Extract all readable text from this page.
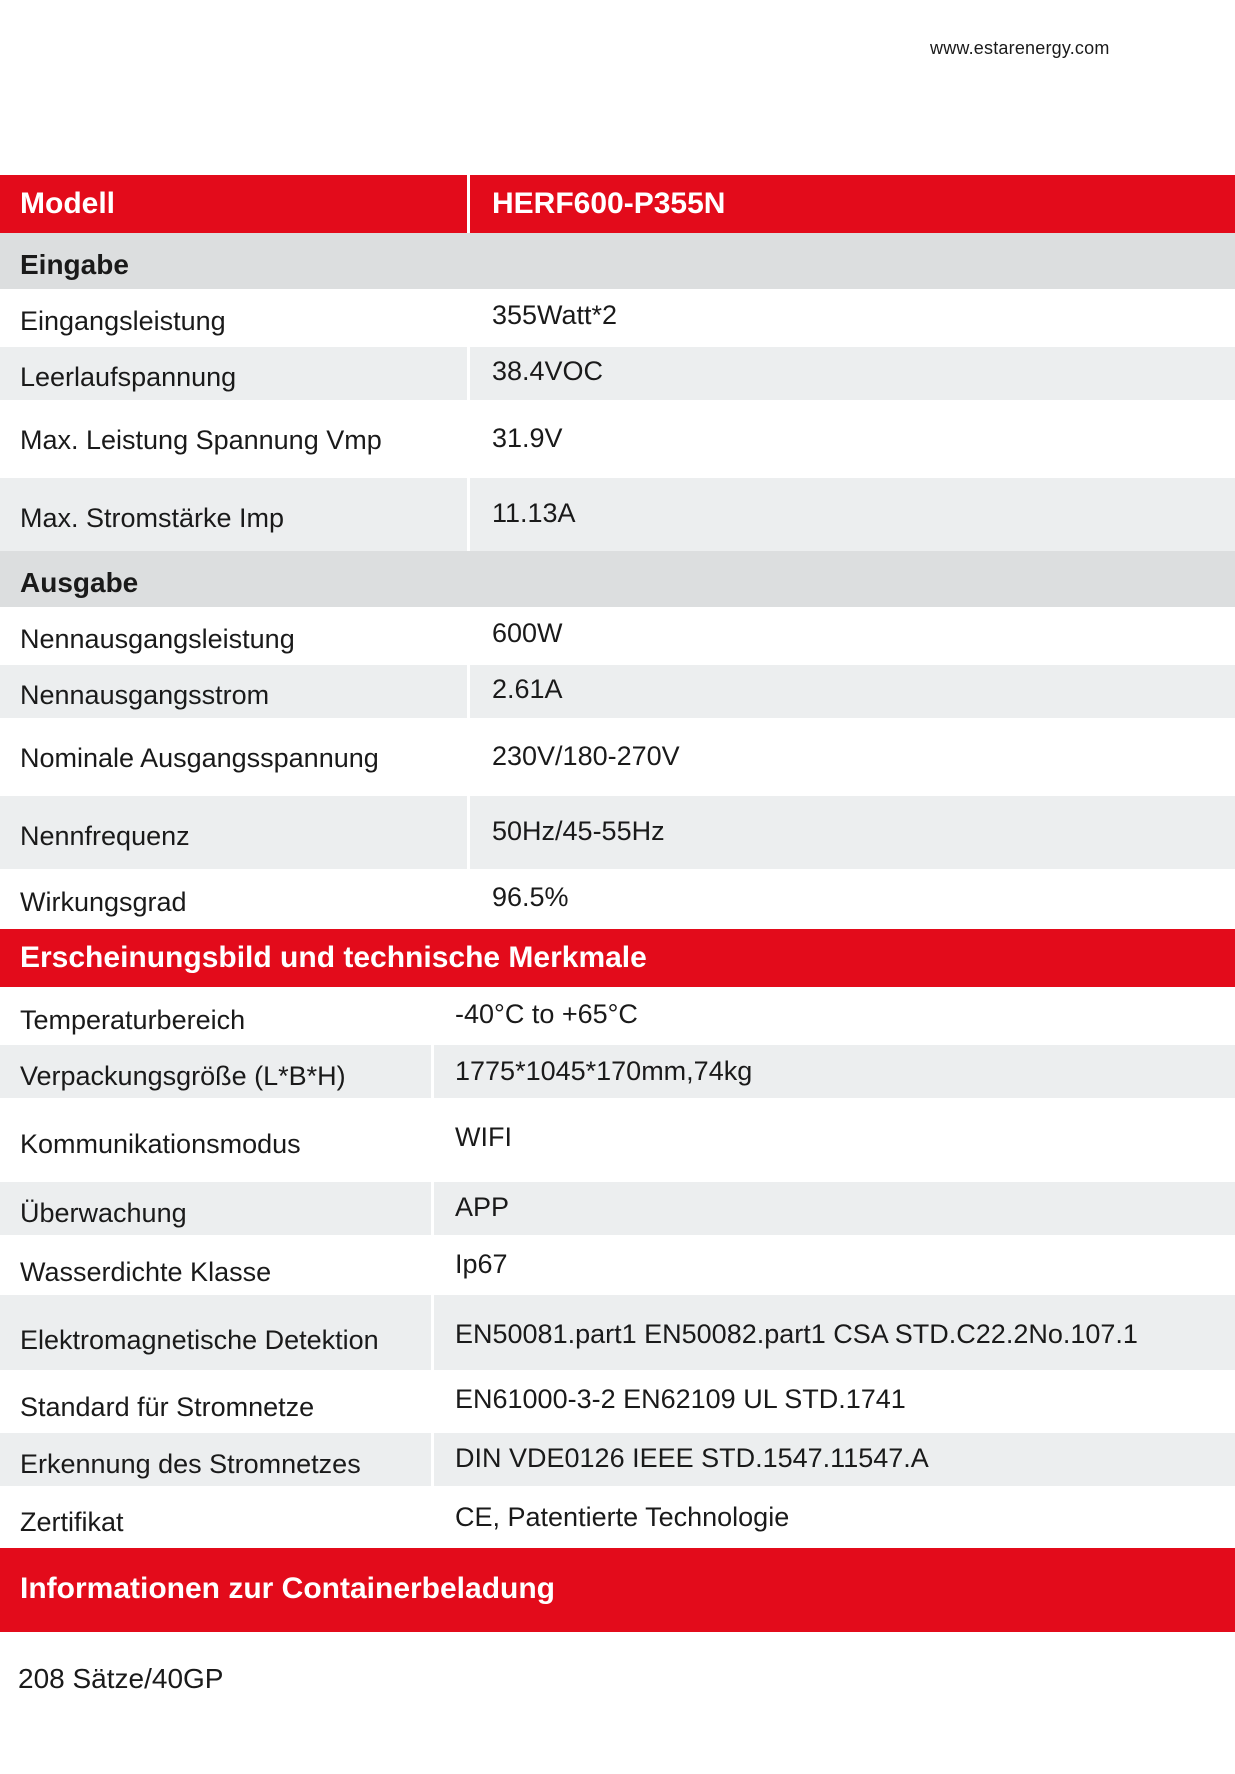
www.estarenergy.com
Modell	HERF600-P355N
Eingabe
Eingangsleistung	355Watt*2
Leerlaufspannung	38.4VOC
Max. Leistung Spannung Vmp	31.9V
Max. Stromstärke Imp	11.13A
Ausgabe
Nennausgangsleistung	600W
Nennausgangsstrom	2.61A
Nominale Ausgangsspannung	230V/180-270V
Nennfrequenz	50Hz/45-55Hz
Wirkungsgrad	96.5%
Erscheinungsbild und technische Merkmale
Temperaturbereich	-40°C to +65°C
Verpackungsgröße (L*B*H)	1775*1045*170mm,74kg
Kommunikationsmodus	WIFI
Überwachung	APP
Wasserdichte Klasse	Ip67
Elektromagnetische Detektion	EN50081.part1 EN50082.part1 CSA STD.C22.2No.107.1
Standard für Stromnetze	EN61000-3-2 EN62109 UL STD.1741
Erkennung des Stromnetzes	DIN VDE0126 IEEE STD.1547.11547.A
Zertifikat	CE, Patentierte Technologie
Informationen zur Containerbeladung
208 Sätze/40GP
